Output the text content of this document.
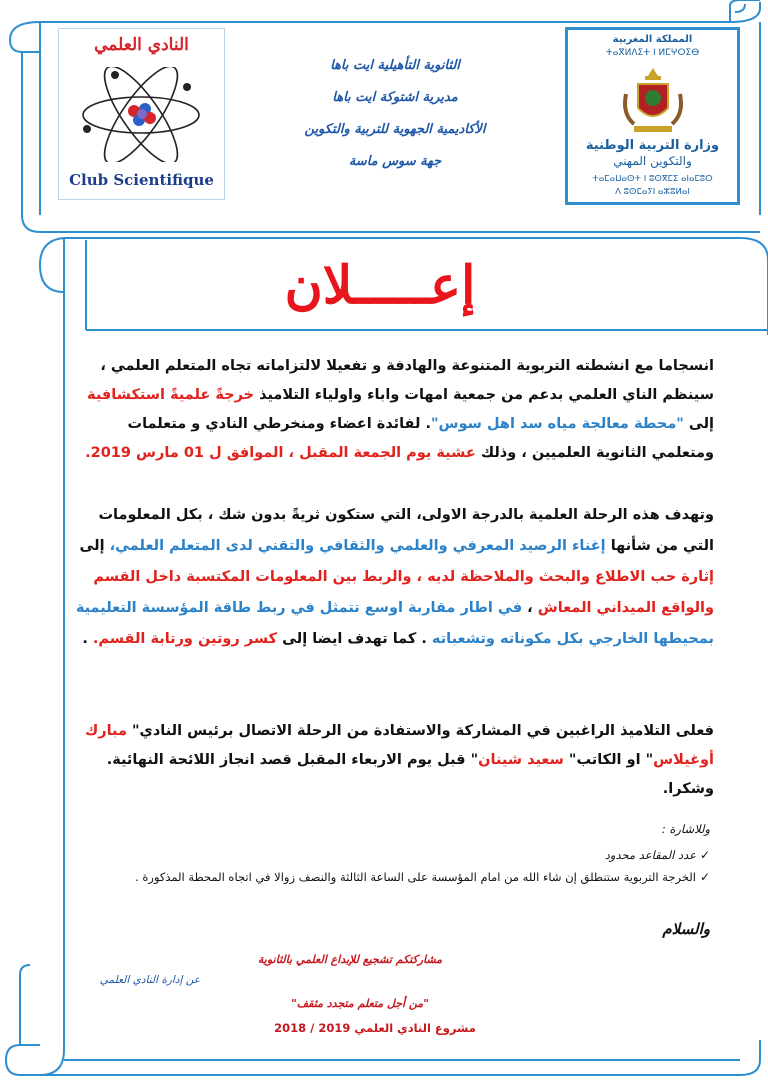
النادي العلمي
Club Scientifique
الثانوية التأهيلية ايت باها
مديرية اشتوكة ايت باها
الأكاديمية الجهوية للتربية والتكوين
جهة سوس ماسة
المملكة المغربية
ⵜⴰⴳⵍⴷⵉⵜ ⵏ ⵍⵎⵖⵔⵉⴱ
وزارة التربية الوطنية
والتكوين المهني
ⵜⴰⵎⴰⵡⴰⵙⵜ ⵏ ⵓⵙⴳⵎⵉ ⴰⵏⴰⵎⵓⵔ
ⴷ ⵓⵙⵎⴰⵢⵏ ⴰⵣⵓⵍⴰⵏ
إعـــــلان
انسجاما مع انشطته التربوية المتنوعة والهادفة و تفعيلا لالتزاماته تجاه المتعلم العلمي ، سينظم الناي العلمي بدعم من جمعية امهات واباء واولياء التلاميذ خرجةً علميةً استكشافية إلى "محطة معالجة مياه سد اهل سوس". لفائدة اعضاء ومنخرطي النادي و متعلمات ومتعلمي الثانوية العلميين ، وذلك عشية يوم الجمعة المقبل ، الموافق ل 01 مارس 2019.
وتهدف هذه الرحلة العلمية بالدرجة الاولى، التي ستكون ثريةً بدون شك ، بكل المعلومات التي من شأنها إغناء الرصيد المعرفي والعلمي والثقافي والتقني لدى المتعلم العلمي، إلى إثارة حب الاطلاع والبحث والملاحظة لديه ، والربط بين المعلومات المكتسبة داخل القسم والواقع الميداني المعاش ، في اطار مقاربة اوسع تتمثل في ربط طاقة المؤسسة التعليمية بمحيطها الخارجي بكل مكوناته وتشعباته . كما تهدف ايضا إلى كسر روتين ورتابة القسم. .
فعلى التلاميذ الراغبين في المشاركة والاستفادة من الرحلة الاتصال برئيس النادي" مبارك أوغيلاس" او الكاتب" سعيد شينان" قبل يوم الاربعاء المقبل قصد انجاز اللائحة النهائية. وشكرا.
وللاشارة :
✓
عدد المقاعد محدود
✓
الخرجة التربوية ستنطلق إن شاء الله من امام المؤسسة على الساعة الثالثة والنصف زوالا في اتجاه المحطة المذكورة .
والسلام
مشاركتكم تشجيع للإبداع العلمي بالثانوية
عن إدارة النادي العلمي
"من أجل متعلم متجدد مثقف"
مشروع النادي العلمي 2019 / 2018
